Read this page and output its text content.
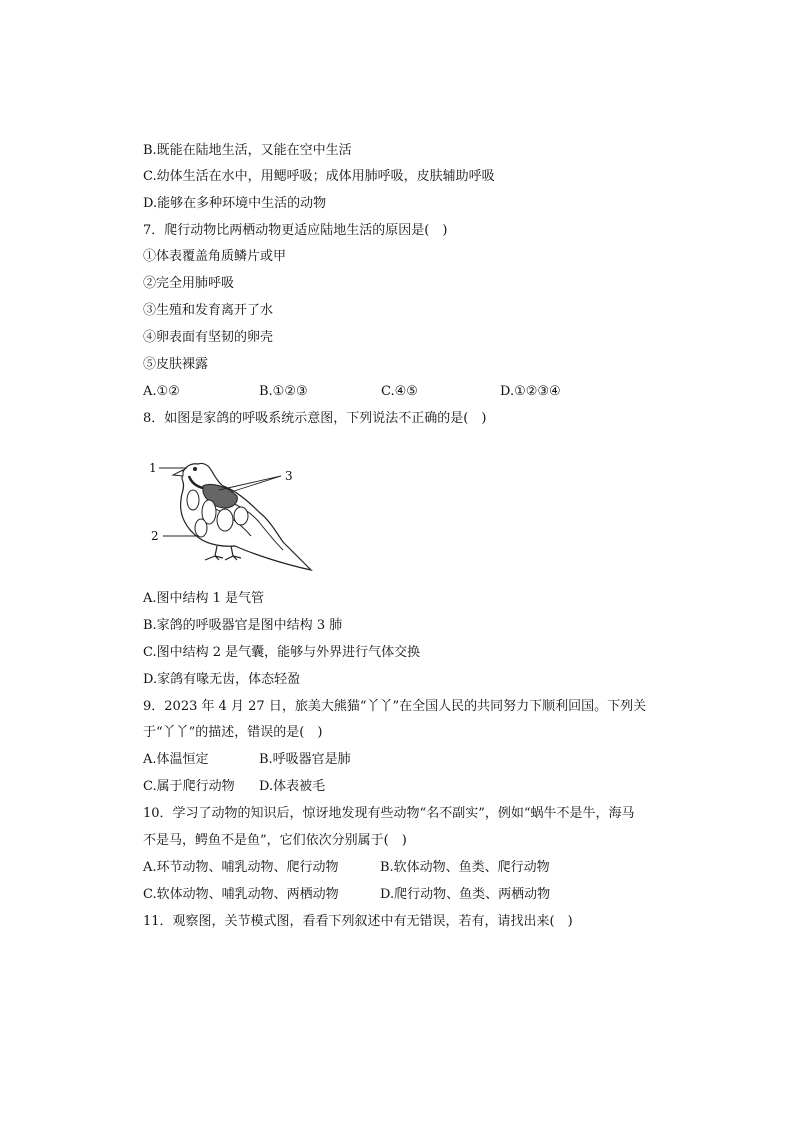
B.既能在陆地生活，又能在空中生活
C.幼体生活在水中，用鳃呼吸；成体用肺呼吸，皮肤辅助呼吸
D.能够在多种环境中生活的动物
7．爬行动物比两栖动物更适应陆地生活的原因是(　)
①体表覆盖角质鳞片或甲
②完全用肺呼吸
③生殖和发育离开了水
④卵表面有坚韧的卵壳
⑤皮肤裸露
A.①②	B.①②③	C.④⑤	D.①②③④
8．如图是家鸽的呼吸系统示意图，下列说法不正确的是(　)
1
2
3
A.图中结构 1 是气管
B.家鸽的呼吸器官是图中结构 3 肺
C.图中结构 2 是气囊，能够与外界进行气体交换
D.家鸽有喙无齿，体态轻盈
9．2023 年 4 月 27 日，旅美大熊猫“丫丫”在全国人民的共同努力下顺利回国。下列关
于“丫丫”的描述，错误的是(　)
A.体温恒定	B.呼吸器官是肺
C.属于爬行动物 D.体表被毛
10．学习了动物的知识后，惊讶地发现有些动物“名不副实”，例如“蜗牛不是牛，海马
不是马，鳄鱼不是鱼”，它们依次分别属于(　)
A.环节动物、哺乳动物、爬行动物	B.软体动物、鱼类、爬行动物
C.软体动物、哺乳动物、两栖动物	D.爬行动物、鱼类、两栖动物
11．观察图，关节模式图，看看下列叙述中有无错误，若有，请找出来(　)
